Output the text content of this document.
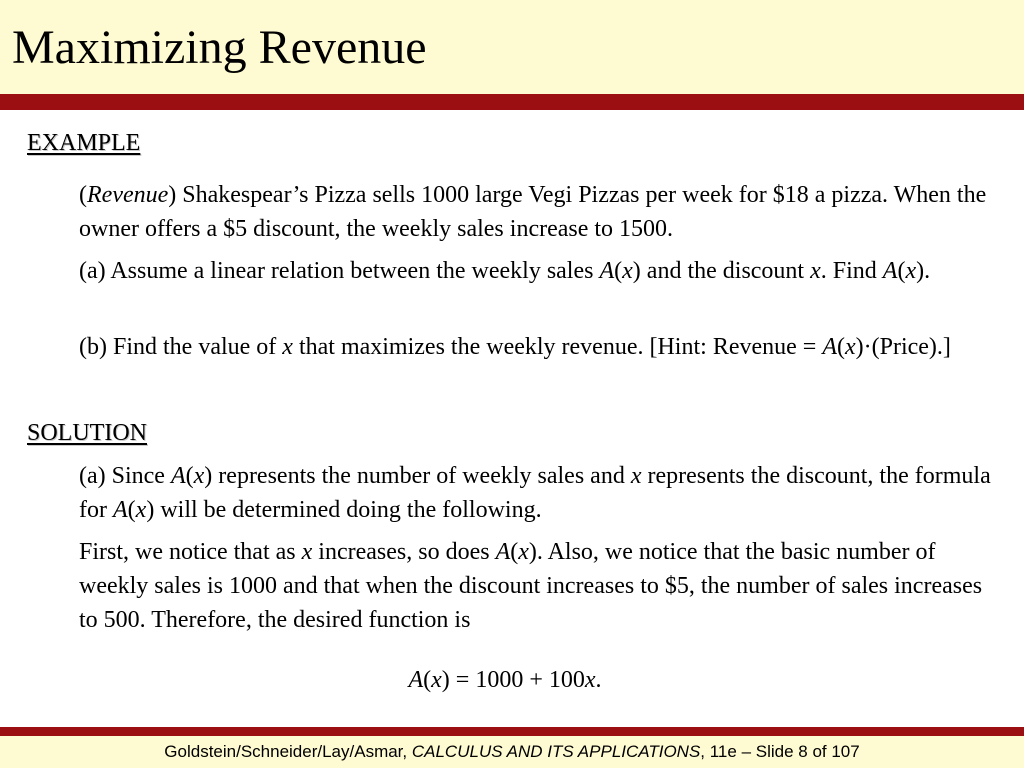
Maximizing Revenue
EXAMPLE

(Revenue) Shakespear’s Pizza sells 1000 large Vegi Pizzas per week for $18 a pizza. When the owner offers a $5 discount, the weekly sales increase to 1500.

(a) Assume a linear relation between the weekly sales A(x) and the discount x. Find A(x).

(b) Find the value of x that maximizes the weekly revenue. [Hint: Revenue = A(x)·(Price).]

SOLUTION

(a) Since A(x) represents the number of weekly sales and x represents the discount, the formula for A(x) will be determined doing the following.

First, we notice that as x increases, so does A(x). Also, we notice that the basic number of weekly sales is 1000 and that when the discount increases to $5, the number of sales increases to 500. Therefore, the desired function is

A(x) = 1000 + 100x.
Goldstein/Schneider/Lay/Asmar, CALCULUS AND ITS APPLICATIONS, 11e – Slide 8 of 107
